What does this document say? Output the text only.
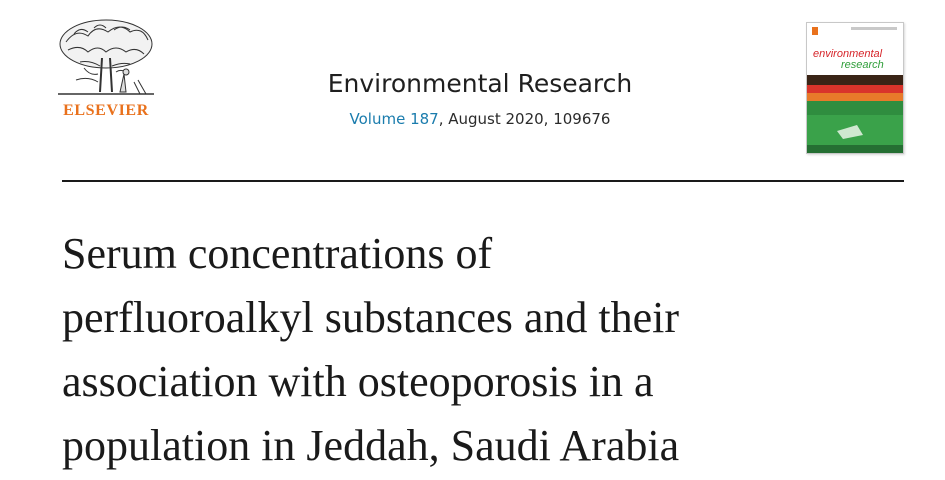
ELSEVIER
Environmental Research
Volume 187, August 2020, 109676
environmental
research
Serum concentrations of
perfluoroalkyl substances and their
association with osteoporosis in a
population in Jeddah, Saudi Arabia
